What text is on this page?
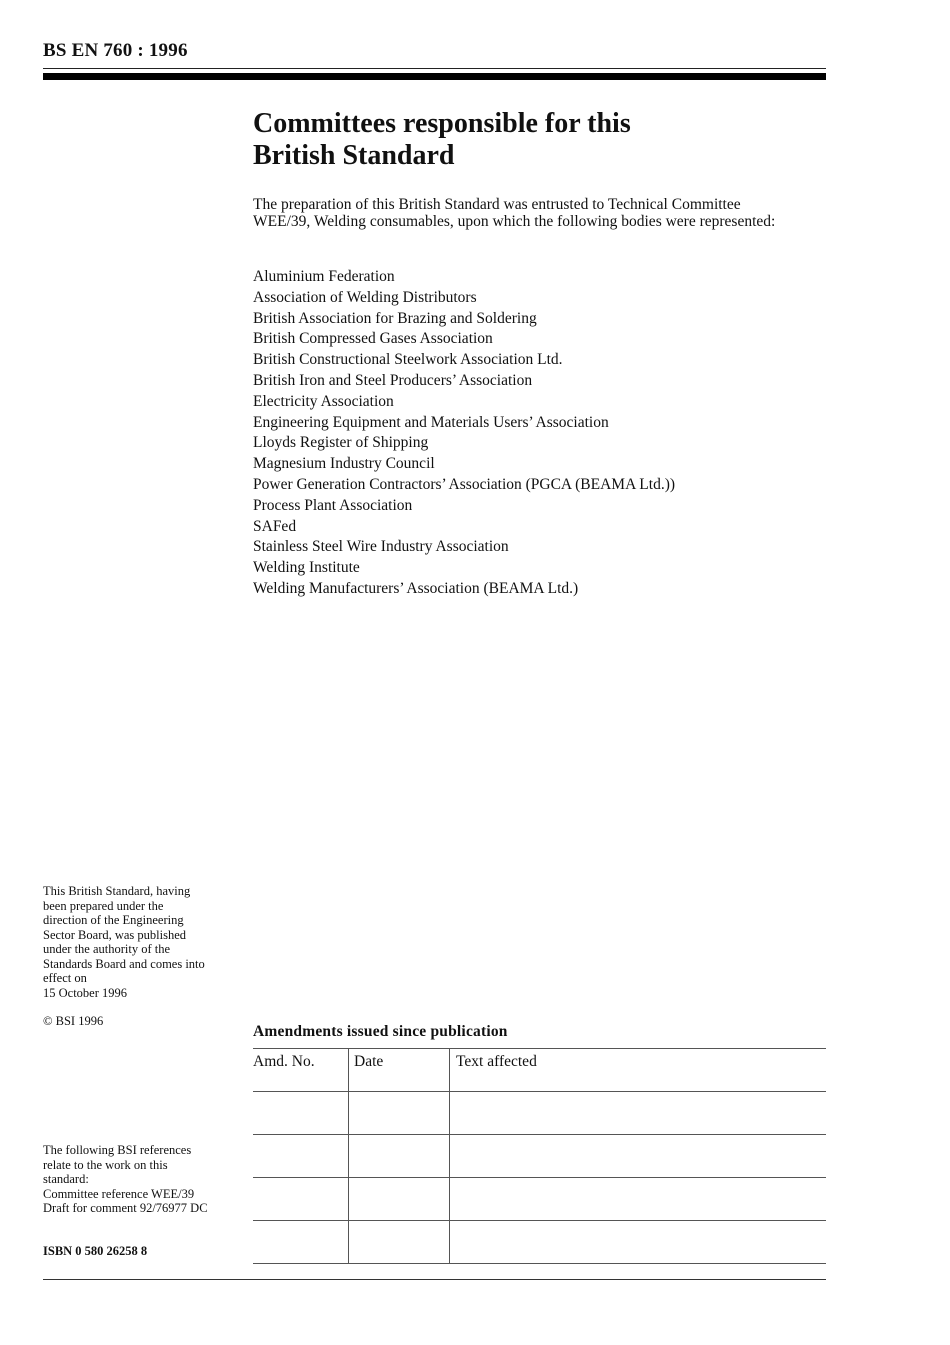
BS EN 760 : 1996
Committees responsible for this
British Standard

The preparation of this British Standard was entrusted to Technical Committee
WEE/39, Welding consumables, upon which the following bodies were represented:

Aluminium Federation
Association of Welding Distributors
British Association for Brazing and Soldering
British Compressed Gases Association
British Constructional Steelwork Association Ltd.
British Iron and Steel Producers’ Association
Electricity Association
Engineering Equipment and Materials Users’ Association
Lloyds Register of Shipping
Magnesium Industry Council
Power Generation Contractors’ Association (PGCA (BEAMA Ltd.))
Process Plant Association
SAFed
Stainless Steel Wire Industry Association
Welding Institute
Welding Manufacturers’ Association (BEAMA Ltd.)

This British Standard, having
been prepared under the
direction of the Engineering
Sector Board, was published
under the authority of the
Standards Board and comes into
effect on
15 October 1996

© BSI 1996

The following BSI references
relate to the work on this
standard:
Committee reference WEE/39
Draft for comment 92/76977 DC

ISBN 0 580 26258 8
Amendments issued since publication
Amd. No.	Date	Text affected
